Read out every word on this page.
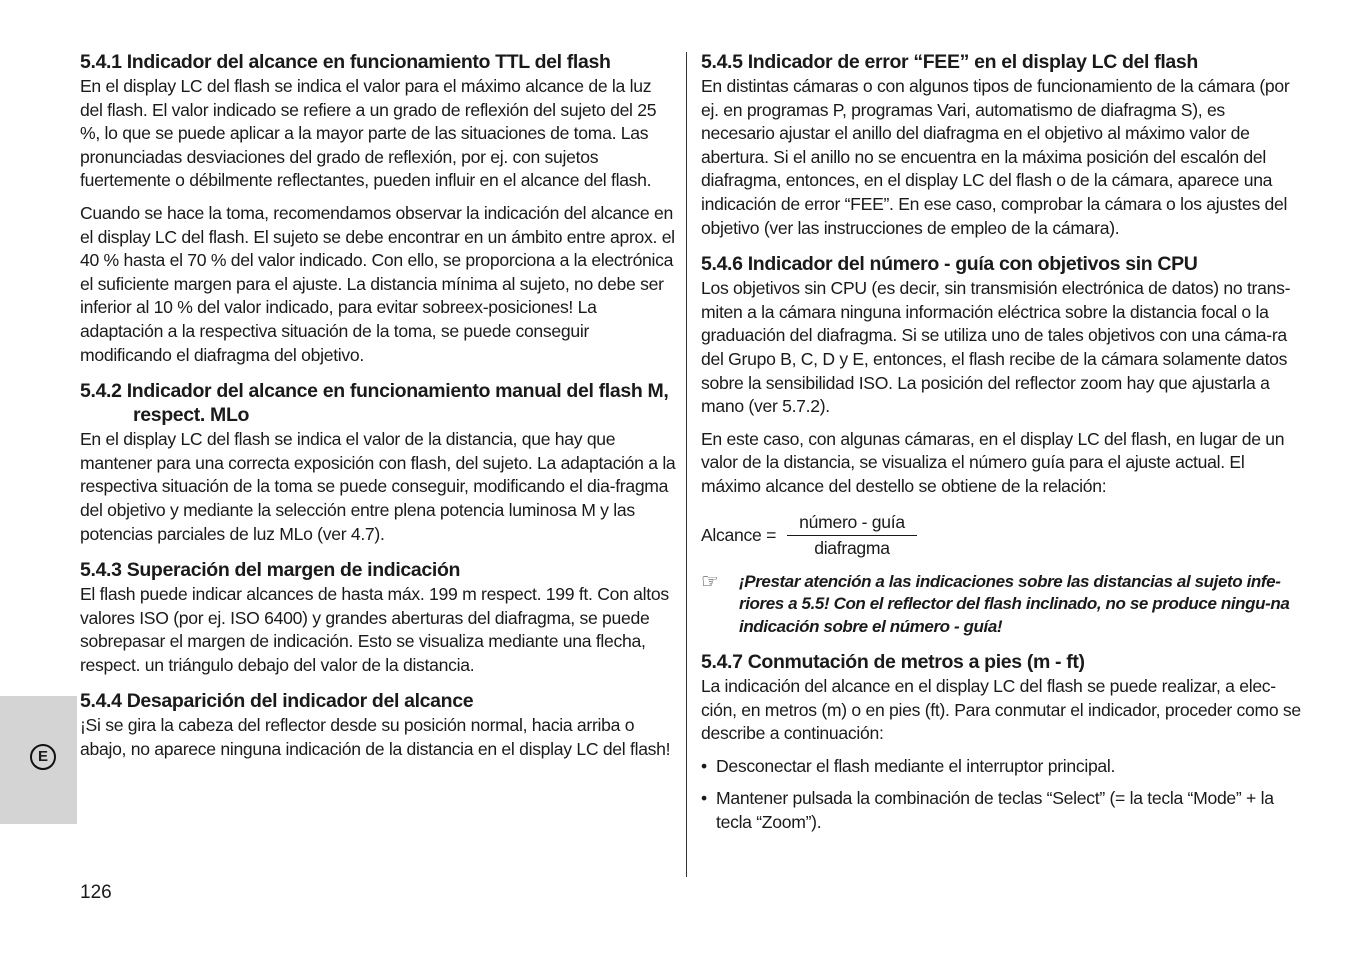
E
5.4.1 Indicador del alcance en funcionamiento TTL del flash

En el display LC del flash se indica el valor para el máximo alcance de la luz del flash. El valor indicado se refiere a un grado de reflexión del sujeto del 25 %, lo que se puede aplicar a la mayor parte de las situaciones de toma. Las pronunciadas desviaciones del grado de reflexión, por ej. con sujetos fuertemente o débilmente reflectantes, pueden influir en el alcance del flash.

Cuando se hace la toma, recomendamos observar la indicación del alcance en el display LC del flash. El sujeto se debe encontrar en un ámbito entre aprox. el 40 % hasta el 70 % del valor indicado. Con ello, se proporciona a la electrónica el suficiente margen para el ajuste. La distancia mínima al sujeto, no debe ser inferior al 10 % del valor indicado, para evitar sobreex-posiciones! La adaptación a la respectiva situación de la toma, se puede conseguir modificando el diafragma del objetivo.

5.4.2 Indicador del alcance en funcionamiento manual del flash M, respect. MLo

En el display LC del flash se indica el valor de la distancia, que hay que mantener para una correcta exposición con flash, del sujeto. La adaptación a la respectiva situación de la toma se puede conseguir, modificando el dia-fragma del objetivo y mediante la selección entre plena potencia luminosa M y las potencias parciales de luz MLo (ver 4.7).

5.4.3 Superación del margen de indicación

El flash puede indicar alcances de hasta máx. 199 m respect. 199 ft. Con altos valores ISO (por ej. ISO 6400) y grandes aberturas del diafragma, se puede sobrepasar el margen de indicación. Esto se visualiza mediante una flecha, respect. un triángulo debajo del valor de la distancia.

5.4.4 Desaparición del indicador del alcance

¡Si se gira la cabeza del reflector desde su posición normal, hacia arriba o abajo, no aparece ninguna indicación de la distancia en el display LC del flash!

5.4.5 Indicador de error “FEE” en el display LC del flash

En distintas cámaras o con algunos tipos de funcionamiento de la cámara (por ej. en programas P, programas Vari, automatismo de diafragma S), es necesario ajustar el anillo del diafragma en el objetivo al máximo valor de abertura. Si el anillo no se encuentra en la máxima posición del escalón del diafragma, entonces, en el display LC del flash o de la cámara, aparece una indicación de error “FEE”. En ese caso, comprobar la cámara o los ajustes del objetivo (ver las instrucciones de empleo de la cámara).

5.4.6 Indicador del número - guía con objetivos sin CPU

Los objetivos sin CPU (es decir, sin transmisión electrónica de datos) no trans-miten a la cámara ninguna información eléctrica sobre la distancia focal o la graduación del diafragma. Si se utiliza uno de tales objetivos con una cáma-ra del Grupo B, C, D y E, entonces, el flash recibe de la cámara solamente datos sobre la sensibilidad ISO. La posición del reflector zoom hay que ajustarla a mano (ver 5.7.2).

En este caso, con algunas cámaras, en el display LC del flash, en lugar de un valor de la distancia, se visualiza el número guía para el ajuste actual. El máximo alcance del destello se obtiene de la relación:

Alcance =
número - guía
diafragma
☞ ¡Prestar atención a las indicaciones sobre las distancias al sujeto infe-riores a 5.5! Con el reflector del flash inclinado, no se produce ningu-na indicación sobre el número - guía!
5.4.7 Conmutación de metros a pies (m - ft)

La indicación del alcance en el display LC del flash se puede realizar, a elec-ción, en metros (m) o en pies (ft). Para conmutar el indicador, proceder como se describe a continuación:

• Desconectar el flash mediante el interruptor principal.

• Mantener pulsada la combinación de teclas “Select” (= la tecla “Mode” + la tecla “Zoom”).

126
